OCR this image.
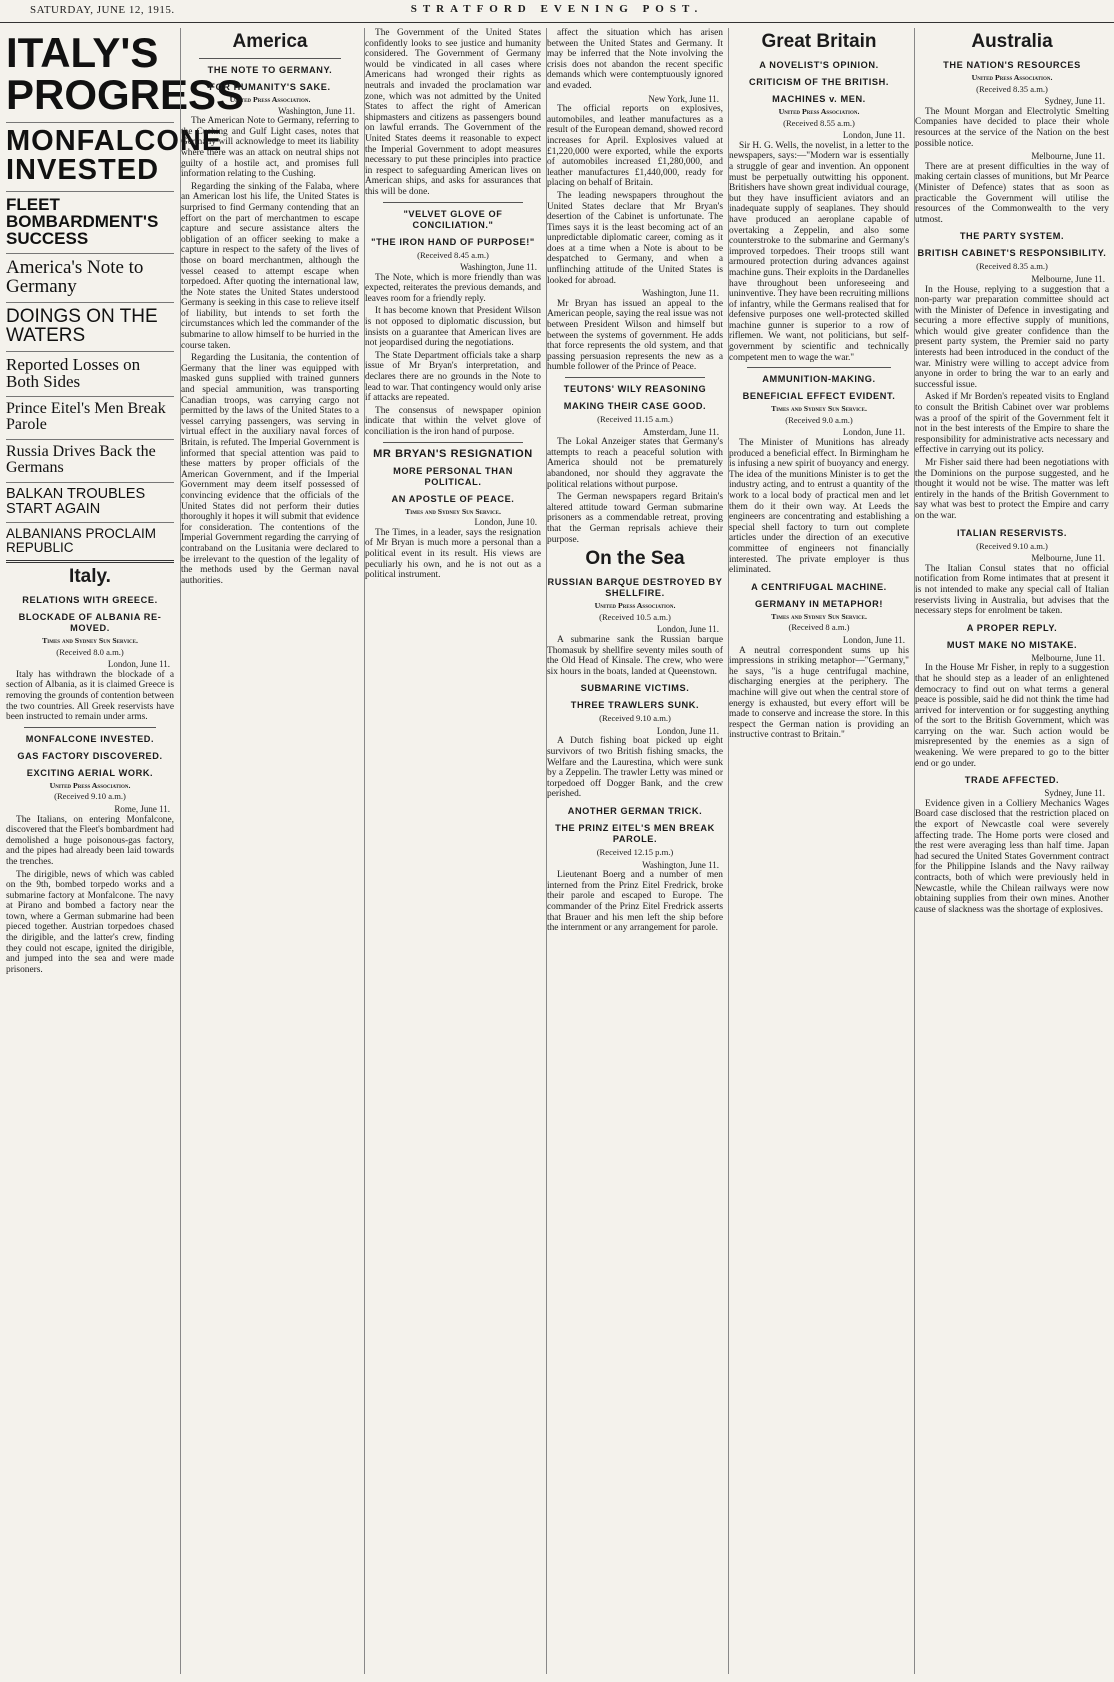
SATURDAY, JUNE 12, 1915.	STRATFORD EVENING POST.
ITALY'S PROGRESS
MONFALCONE INVESTED
FLEET BOMBARDMENT'S SUCCESS
America's Note to Germany
DOINGS ON THE WATERS
Reported Losses on Both Sides
Prince Eitel's Men Break Parole
Russia Drives Back the Germans
BALKAN TROUBLES START AGAIN
ALBANIANS PROCLAIM REPUBLIC
Italy.
RELATIONS WITH GREECE.
BLOCKADE OF ALBANIA RE-MOVED.
Times and Sydney Sun Service.
(Received 8.0 a.m.)
London, June 11.

Italy has withdrawn the blockade of a section of Albania, as it is claimed Greece is removing the grounds of contention between the two countries. All Greek reservists have been instructed to remain under arms.

MONFALCONE INVESTED.
GAS FACTORY DISCOVERED.
EXCITING AERIAL WORK.
United Press Association.
(Received 9.10 a.m.)
Rome, June 11.

The Italians, on entering Monfalcone, discovered that the Fleet's bombardment had demolished a huge poisonous-gas factory, and the pipes had already been laid towards the trenches.

The dirigible, news of which was cabled on the 9th, bombed torpedo works and a submarine factory at Monfalcone. The navy at Pirano and bombed a factory near the town, where a German submarine had been pieced together. Austrian torpedoes chased the dirigible, and the latter's crew, finding they could not escape, ignited the dirigible, and jumped into the sea and were made prisoners.

America
THE NOTE TO GERMANY.
FOR HUMANITY'S SAKE.
United Press Association.
Washington, June 11.

The American Note to Germany, referring to the Cushing and Gulf Light cases, notes that Germany will acknowledge to meet its liability where there was an attack on neutral ships not guilty of a hostile act, and promises full information relating to the Cushing.

Regarding the sinking of the Falaba, where an American lost his life, the United States is surprised to find Germany contending that an effort on the part of merchantmen to escape capture and secure assistance alters the obligation of an officer seeking to make a capture in respect to the safety of the lives of those on board merchantmen, although the vessel ceased to attempt escape when torpedoed. After quoting the international law, the Note states the United States understood Germany is seeking in this case to relieve itself of liability, but intends to set forth the circumstances which led the commander of the submarine to allow himself to be hurried in the course taken.

Regarding the Lusitania, the contention of Germany that the liner was equipped with masked guns supplied with trained gunners and special ammunition, was transporting Canadian troops, was carrying cargo not permitted by the laws of the United States to a vessel carrying passengers, was serving in virtual effect in the auxiliary naval forces of Britain, is refuted. The Imperial Government is informed that special attention was paid to these matters by proper officials of the American Government, and if the Imperial Government may deem itself possessed of convincing evidence that the officials of the United States did not perform their duties thoroughly it hopes it will submit that evidence for consideration. The contentions of the Imperial Government regarding the carrying of contraband on the Lusitania were declared to be irrelevant to the question of the legality of the methods used by the German naval authorities.

The Government of the United States confidently looks to see justice and humanity considered. The Government of Germany would be vindicated in all cases where Americans had wronged their rights as neutrals and invaded the proclamation war zone, which was not admitted by the United States to affect the right of American shipmasters and citizens as passengers bound on lawful errands. The Government of the United States deems it reasonable to expect the Imperial Government to adopt measures necessary to put these principles into practice in respect to safeguarding American lives on American ships, and asks for assurances that this will be done.

"VELVET GLOVE OF CONCILIATION."
"THE IRON HAND OF PURPOSE!"
(Received 8.45 a.m.)
Washington, June 11.

The Note, which is more friendly than was expected, reiterates the previous demands, and leaves room for a friendly reply.

It has become known that President Wilson is not opposed to diplomatic discussion, but insists on a guarantee that American lives are not jeopardised during the negotiations.

The State Department officials take a sharp issue of Mr Bryan's interpretation, and declares there are no grounds in the Note to lead to war. That contingency would only arise if attacks are repeated.

The consensus of newspaper opinion indicate that within the velvet glove of conciliation is the iron hand of purpose.

MR BRYAN'S RESIGNATION
MORE PERSONAL THAN POLITICAL.
AN APOSTLE OF PEACE.
Times and Sydney Sun Service.
London, June 10.

The Times, in a leader, says the resignation of Mr Bryan is much more a personal than a political event in its result. His views are peculiarly his own, and he is not out as a political instrument.

affect the situation which has arisen between the United States and Germany. It may be inferred that the Note involving the crisis does not abandon the recent specific demands which were contemptuously ignored and evaded.

New York, June 11.

The official reports on explosives, automobiles, and leather manufactures as a result of the European demand, showed record increases for April. Explosives valued at £1,220,000 were exported, while the exports of automobiles increased £1,280,000, and leather manufactures £1,440,000, ready for placing on behalf of Britain.

The leading newspapers throughout the United States declare that Mr Bryan's desertion of the Cabinet is unfortunate. The Times says it is the least becoming act of an unpredictable diplomatic career, coming as it does at a time when a Note is about to be despatched to Germany, and when a unflinching attitude of the United States is looked for abroad.

Washington, June 11.

Mr Bryan has issued an appeal to the American people, saying the real issue was not between President Wilson and himself but between the systems of government. He adds that force represents the old system, and that passing persuasion represents the new as a humble follower of the Prince of Peace.

TEUTONS' WILY REASONING
MAKING THEIR CASE GOOD.
(Received 11.15 a.m.)
Amsterdam, June 11.

The Lokal Anzeiger states that Germany's attempts to reach a peaceful solution with America should not be prematurely abandoned, nor should they aggravate the political relations without purpose.

The German newspapers regard Britain's altered attitude toward German submarine prisoners as a commendable retreat, proving that the German reprisals achieve their purpose.

On the Sea
RUSSIAN BARQUE DESTROYED BY SHELLFIRE.
United Press Association.
(Received 10.5 a.m.)
London, June 11.

A submarine sank the Russian barque Thomasuk by shellfire seventy miles south of the Old Head of Kinsale. The crew, who were six hours in the boats, landed at Queenstown.

SUBMARINE VICTIMS.
THREE TRAWLERS SUNK.
(Received 9.10 a.m.)
London, June 11.

A Dutch fishing boat picked up eight survivors of two British fishing smacks, the Welfare and the Laurestina, which were sunk by a Zeppelin. The trawler Letty was mined or torpedoed off Dogger Bank, and the crew perished.

ANOTHER GERMAN TRICK.
THE PRINZ EITEL'S MEN BREAK PAROLE.
(Received 12.15 p.m.)
Washington, June 11.

Lieutenant Boerg and a number of men interned from the Prinz Eitel Fredrick, broke their parole and escaped to Europe. The commander of the Prinz Eitel Fredrick asserts that Brauer and his men left the ship before the internment or any arrangement for parole.

Great Britain
A NOVELIST'S OPINION.
CRITICISM OF THE BRITISH.
MACHINES v. MEN.
United Press Association.
(Received 8.55 a.m.)
London, June 11.

Sir H. G. Wells, the novelist, in a letter to the newspapers, says:—"Modern war is essentially a struggle of gear and invention. An opponent must be perpetually outwitting his opponent. Britishers have shown great individual courage, but they have insufficient aviators and an inadequate supply of seaplanes. They should have produced an aeroplane capable of overtaking a Zeppelin, and also some counterstroke to the submarine and Germany's improved torpedoes. Their troops still want armoured protection during advances against machine guns. Their exploits in the Dardanelles have throughout been unforeseeing and uninventive. They have been recruiting millions of infantry, while the Germans realised that for defensive purposes one well-protected skilled machine gunner is superior to a row of riflemen. We want, not politicians, but self-government by scientific and technically competent men to wage the war."

AMMUNITION-MAKING.
BENEFICIAL EFFECT EVIDENT.
Times and Sydney Sun Service.
(Received 9.0 a.m.)
London, June 11.

The Minister of Munitions has already produced a beneficial effect. In Birmingham he is infusing a new spirit of buoyancy and energy. The idea of the munitions Minister is to get the industry acting, and to entrust a quantity of the work to a local body of practical men and let them do it their own way. At Leeds the engineers are concentrating and establishing a special shell factory to turn out complete articles under the direction of an executive committee of engineers not financially interested. The private employer is thus eliminated.

A CENTRIFUGAL MACHINE.
GERMANY IN METAPHOR!
Times and Sydney Sun Service.
(Received 8 a.m.)
London, June 11.

A neutral correspondent sums up his impressions in striking metaphor—"Germany," he says, "is a huge centrifugal machine, discharging energies at the periphery. The machine will give out when the central store of energy is exhausted, but every effort will be made to conserve and increase the store. In this respect the German nation is providing an instructive contrast to Britain."

Australia
THE NATION'S RESOURCES
United Press Association.
(Received 8.35 a.m.)
Sydney, June 11.

The Mount Morgan and Electrolytic Smelting Companies have decided to place their whole resources at the service of the Nation on the best possible notice.

Melbourne, June 11.

There are at present difficulties in the way of making certain classes of munitions, but Mr Pearce (Minister of Defence) states that as soon as practicable the Government will utilise the resources of the Commonwealth to the very utmost.

THE PARTY SYSTEM.
BRITISH CABINET'S RESPONSIBILITY.
(Received 8.35 a.m.)
Melbourne, June 11.

In the House, replying to a suggestion that a non-party war preparation committee should act with the Minister of Defence in investigating and securing a more effective supply of munitions, which would give greater confidence than the present party system, the Premier said no party interests had been introduced in the conduct of the war. Ministry were willing to accept advice from anyone in order to bring the war to an early and successful issue.

Asked if Mr Borden's repeated visits to England to consult the British Cabinet over war problems was a proof of the spirit of the Government felt it not in the best interests of the Empire to share the responsibility for administrative acts necessary and effective in carrying out its policy.

Mr Fisher said there had been negotiations with the Dominions on the purpose suggested, and he thought it would not be wise. The matter was left entirely in the hands of the British Government to say what was best to protect the Empire and carry on the war.

ITALIAN RESERVISTS.
(Received 9.10 a.m.)
Melbourne, June 11.

The Italian Consul states that no official notification from Rome intimates that at present it is not intended to make any special call of Italian reservists living in Australia, but advises that the necessary steps for enrolment be taken.

A PROPER REPLY.
MUST MAKE NO MISTAKE.
Melbourne, June 11.

In the House Mr Fisher, in reply to a suggestion that he should step as a leader of an enlightened democracy to find out on what terms a general peace is possible, said he did not think the time had arrived for intervention or for suggesting anything of the sort to the British Government, which was carrying on the war. Such action would be misrepresented by the enemies as a sign of weakening. We were prepared to go to the bitter end or go under.

TRADE AFFECTED.
Sydney, June 11.

Evidence given in a Colliery Mechanics Wages Board case disclosed that the restriction placed on the export of Newcastle coal were severely affecting trade. The Home ports were closed and the rest were averaging less than half time. Japan had secured the United States Government contract for the Philippine Islands and the Navy railway contracts, both of which were previously held in Newcastle, while the Chilean railways were now obtaining supplies from their own mines. Another cause of slackness was the shortage of explosives.
